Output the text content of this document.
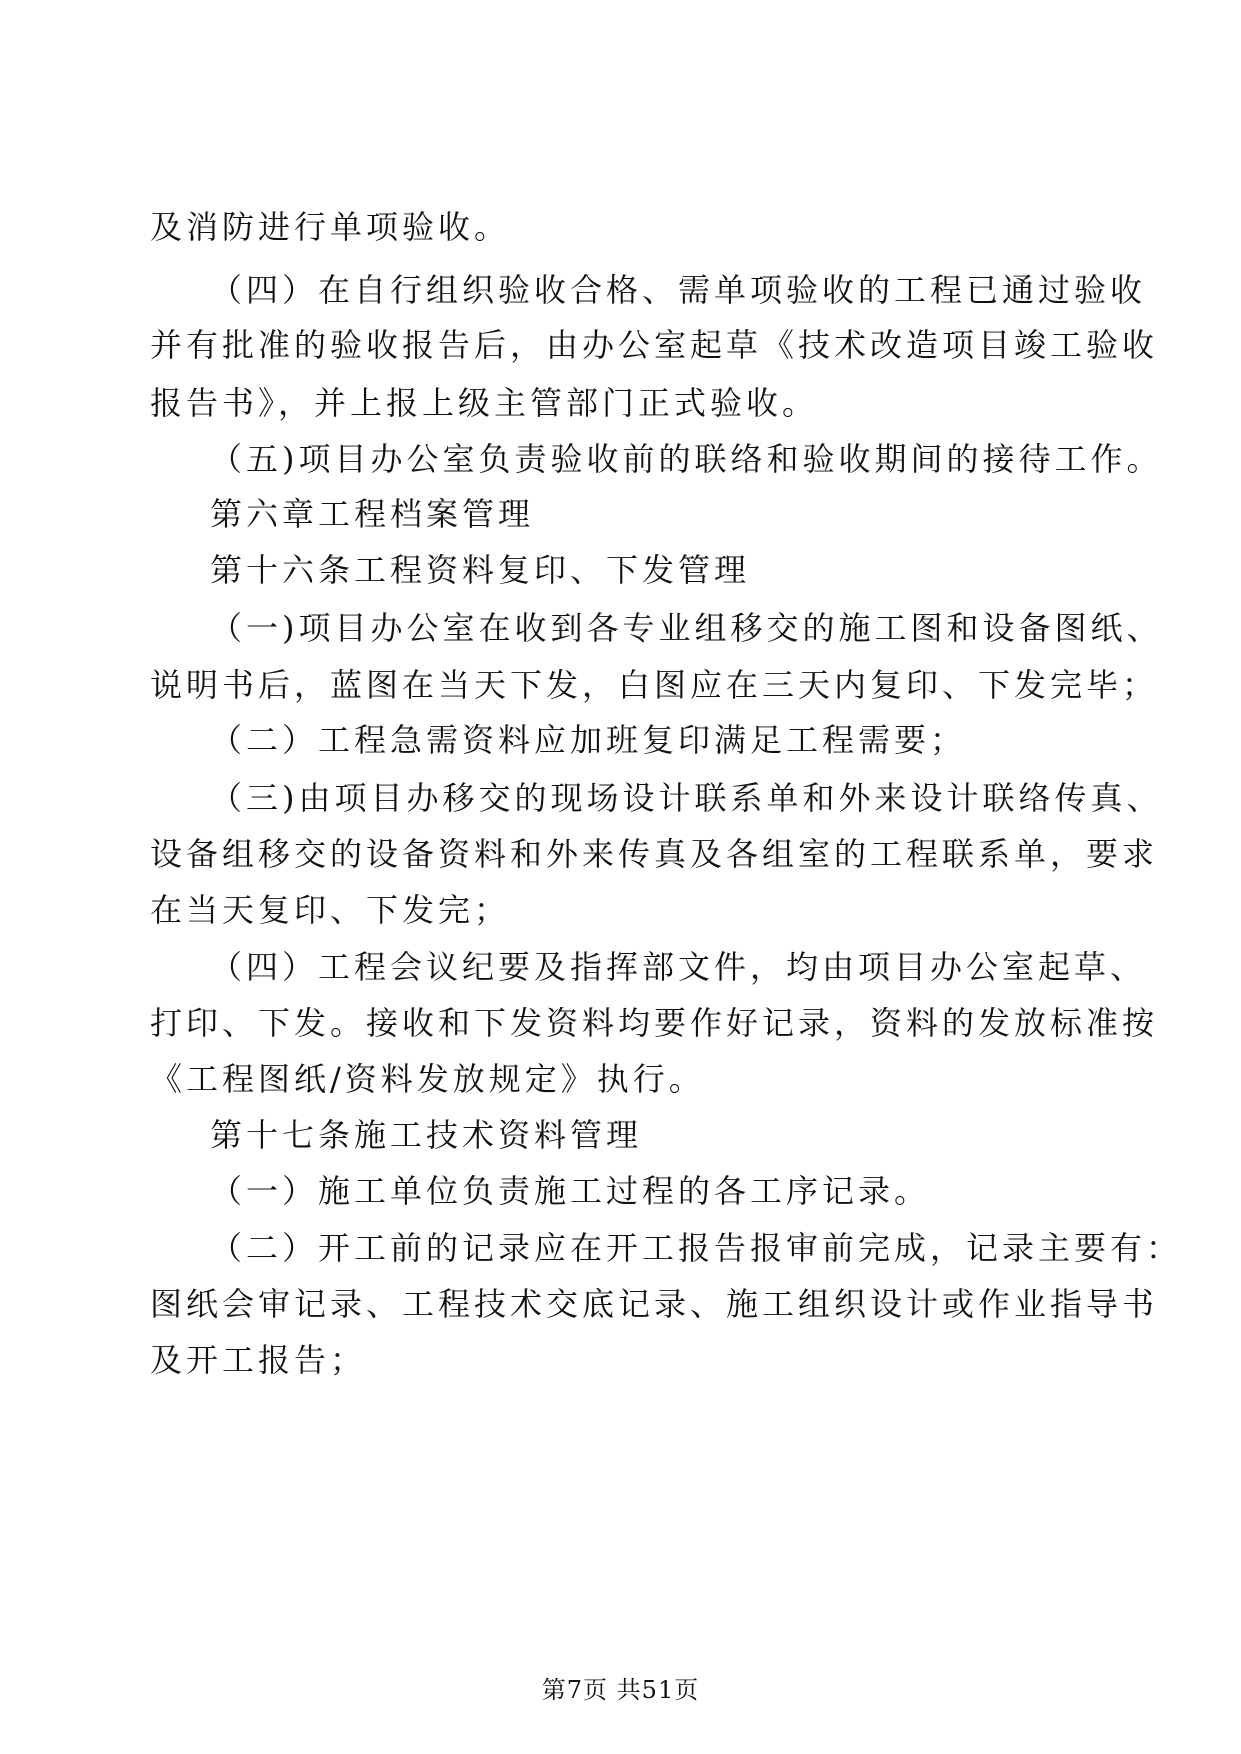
及消防进行单项验收。
（四）在自行组织验收合格、需单项验收的工程已通过验收
并有批准的验收报告后，由办公室起草《技术改造项目竣工验收
报告书》，并上报上级主管部门正式验收。
（五)项目办公室负责验收前的联络和验收期间的接待工作。
第六章工程档案管理
第十六条工程资料复印、下发管理
（一)项目办公室在收到各专业组移交的施工图和设备图纸、
说明书后，蓝图在当天下发，白图应在三天内复印、下发完毕；
（二）工程急需资料应加班复印满足工程需要；
（三)由项目办移交的现场设计联系单和外来设计联络传真、
设备组移交的设备资料和外来传真及各组室的工程联系单，要求
在当天复印、下发完；
（四）工程会议纪要及指挥部文件，均由项目办公室起草、
打印、下发。接收和下发资料均要作好记录，资料的发放标准按
《工程图纸/资料发放规定》执行。
第十七条施工技术资料管理
（一）施工单位负责施工过程的各工序记录。
（二）开工前的记录应在开工报告报审前完成，记录主要有：
图纸会审记录、工程技术交底记录、施工组织设计或作业指导书
及开工报告；
第7页 共51页
